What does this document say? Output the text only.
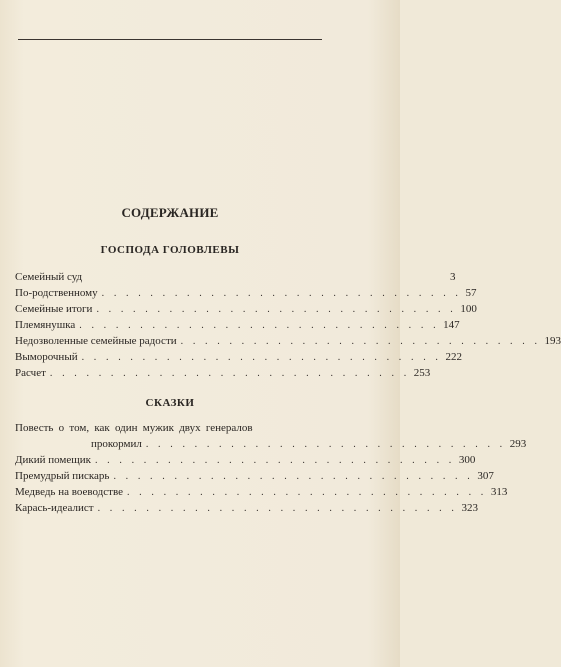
СОДЕРЖАНИЕ
ГОСПОДА ГОЛОВЛЕВЫ
Семейный суд	3
По-родственному . . . . . . . . . . . . . . . . . . . . . . . . . . . . . . 57
Семейные итоги . . . . . . . . . . . . . . . . . . . . . . . . . . . . . . 100
Племянушка . . . . . . . . . . . . . . . . . . . . . . . . . . . . . . 147
Недозволенные семейные радости . . . . . . . . . . . . . . . . . . . . . . . . . . . . . . 193
Выморочный . . . . . . . . . . . . . . . . . . . . . . . . . . . . . . 222
Расчет . . . . . . . . . . . . . . . . . . . . . . . . . . . . . . 253
СКАЗКИ
Повесть о том, как один мужик двух генералов
прокормил . . . . . . . . . . . . . . . . . . . . . . . . . . . . . . 293
Дикий помещик . . . . . . . . . . . . . . . . . . . . . . . . . . . . . . 300
Премудрый пискарь . . . . . . . . . . . . . . . . . . . . . . . . . . . . . . 307
Медведь на воеводстве . . . . . . . . . . . . . . . . . . . . . . . . . . . . . . 313
Карась-идеалист . . . . . . . . . . . . . . . . . . . . . . . . . . . . . . 323
